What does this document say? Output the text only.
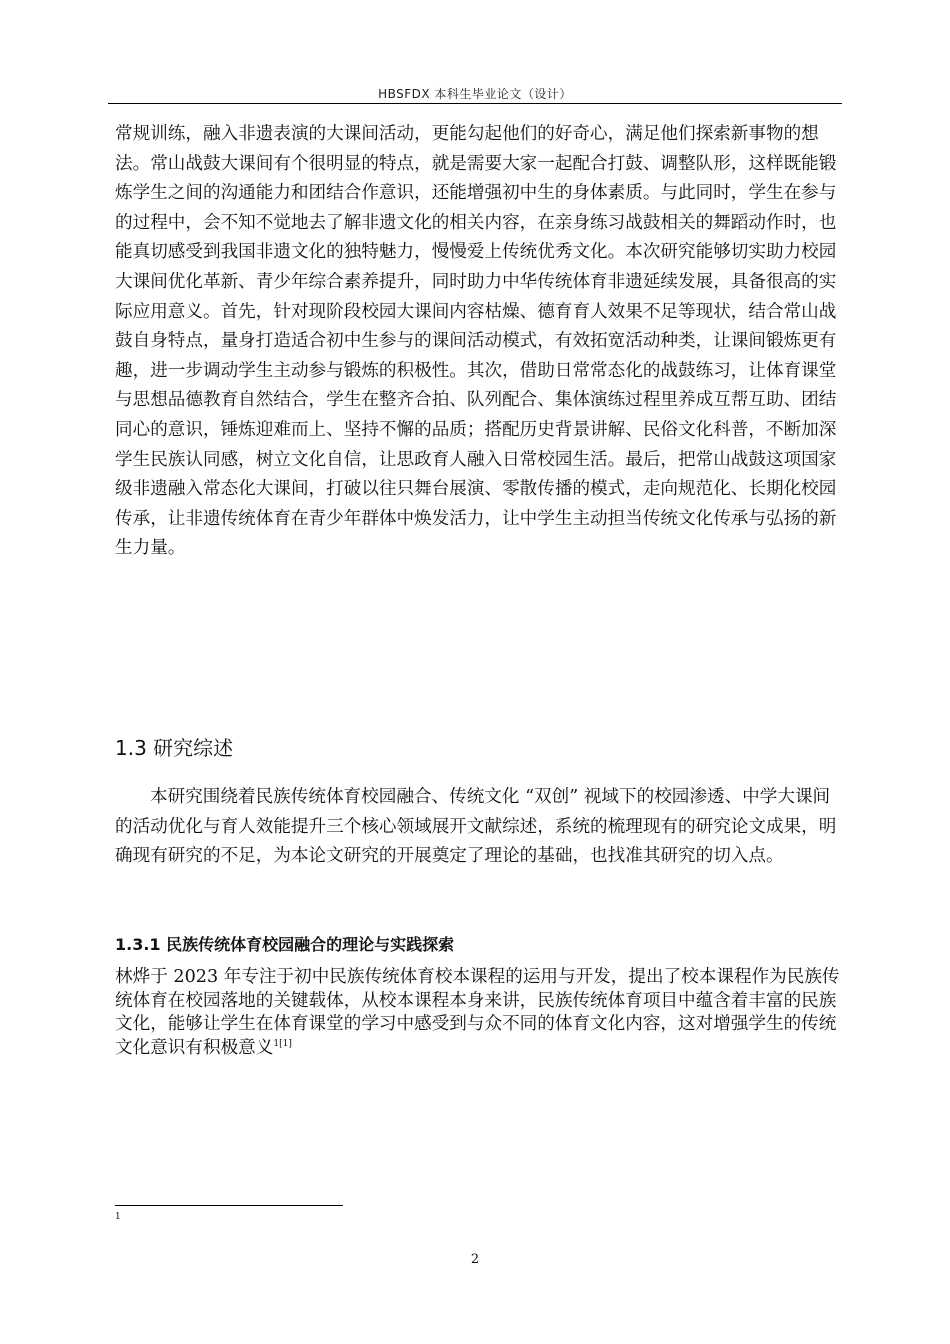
HBSFDX 本科生毕业论文（设计）
常规训练，融入非遗表演的大课间活动，更能勾起他们的好奇心，满足他们探索新事物的想法。常山战鼓大课间有个很明显的特点，就是需要大家一起配合打鼓、调整队形，这样既能锻炼学生之间的沟通能力和团结合作意识，还能增强初中生的身体素质。与此同时，学生在参与的过程中，会不知不觉地去了解非遗文化的相关内容，在亲身练习战鼓相关的舞蹈动作时，也能真切感受到我国非遗文化的独特魅力，慢慢爱上传统优秀文化。本次研究能够切实助力校园大课间优化革新、青少年综合素养提升，同时助力中华传统体育非遗延续发展，具备很高的实际应用意义。首先，针对现阶段校园大课间内容枯燥、德育育人效果不足等现状，结合常山战鼓自身特点，量身打造适合初中生参与的课间活动模式，有效拓宽活动种类，让课间锻炼更有趣，进一步调动学生主动参与锻炼的积极性。其次，借助日常常态化的战鼓练习，让体育课堂与思想品德教育自然结合，学生在整齐合拍、队列配合、集体演练过程里养成互帮互助、团结同心的意识，锤炼迎难而上、坚持不懈的品质；搭配历史背景讲解、民俗文化科普，不断加深学生民族认同感，树立文化自信，让思政育人融入日常校园生活。最后，把常山战鼓这项国家级非遗融入常态化大课间，打破以往只舞台展演、零散传播的模式，走向规范化、长期化校园传承，让非遗传统体育在青少年群体中焕发活力，让中学生主动担当传统文化传承与弘扬的新生力量。
1.3 研究综述
本研究围绕着民族传统体育校园融合、传统文化 “双创” 视域下的校园渗透、中学大课间的活动优化与育人效能提升三个核心领域展开文献综述，系统的梳理现有的研究论文成果，明确现有研究的不足，为本论文研究的开展奠定了理论的基础，也找准其研究的切入点。
1.3.1 民族传统体育校园融合的理论与实践探索
林烨于 2023 年专注于初中民族传统体育校本课程的运用与开发，提出了校本课程作为民族传统体育在校园落地的关键载体，从校本课程本身来讲，民族传统体育项目中蕴含着丰富的民族文化，能够让学生在体育课堂的学习中感受到与众不同的体育文化内容，这对增强学生的传统文化意识有积极意义$^{1[1]}$
1
2
